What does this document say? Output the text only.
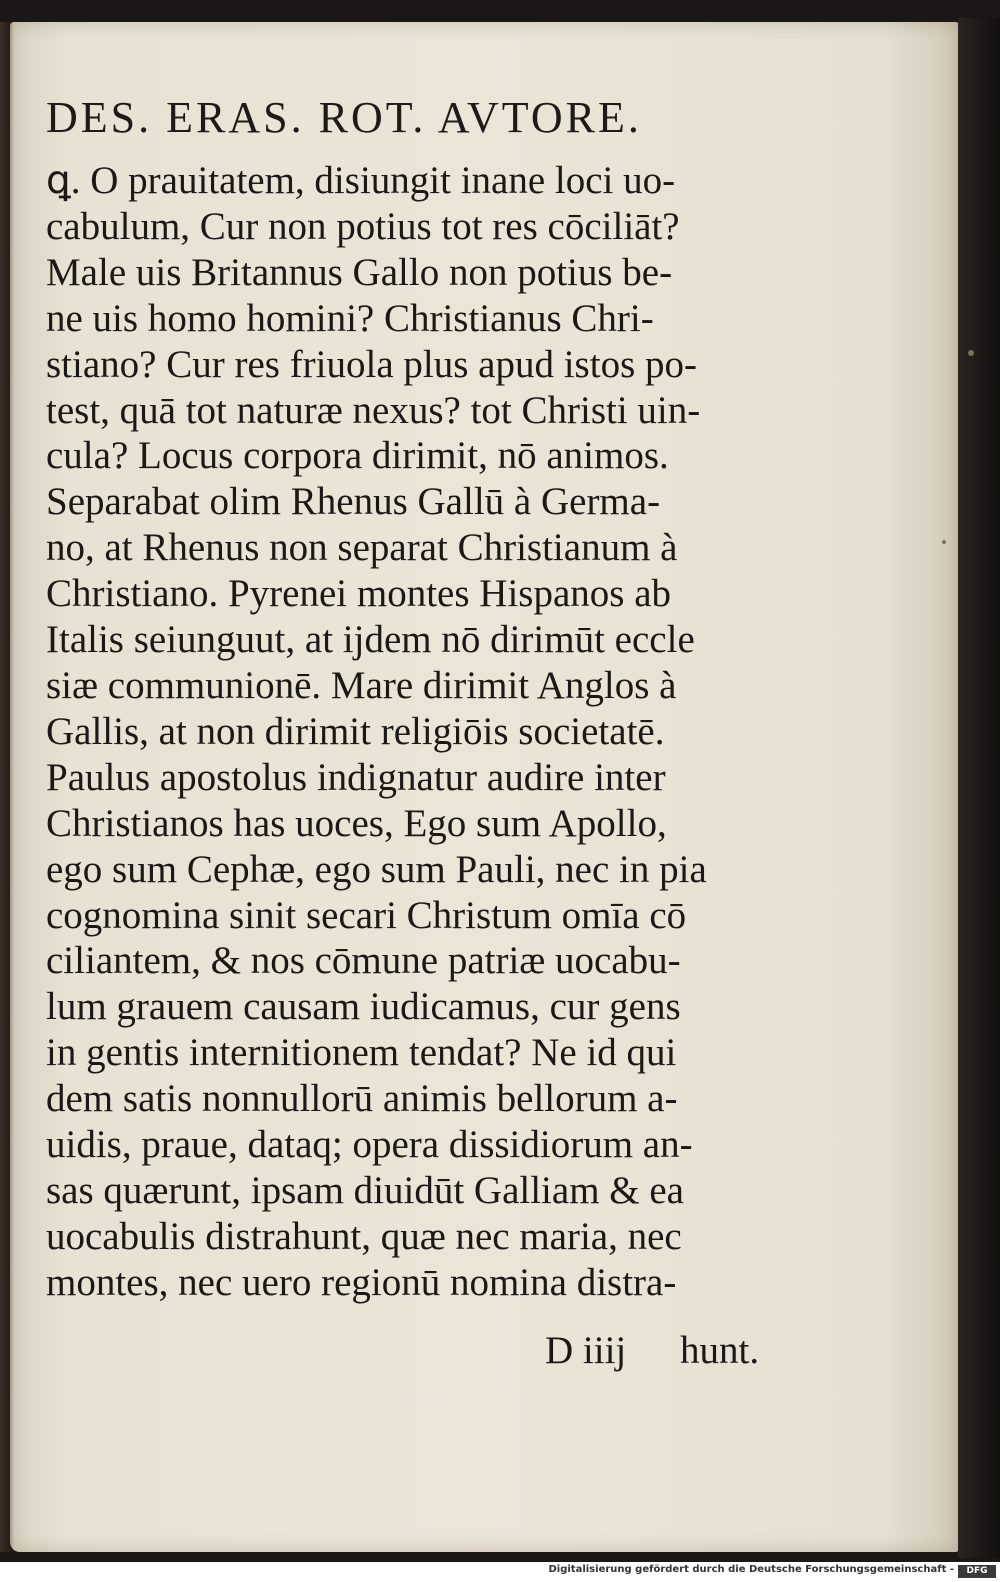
DES. ERAS. ROT. AVTORE.
ꝗ. O prauitatem, disiungit inane loci uo-
cabulum, Cur non potius tot res cōciliāt?
Male uis Britannus Gallo non potius be-
ne uis homo homini? Christianus Chri-
stiano? Cur res friuola plus apud istos po-
test, quā tot naturæ nexus? tot Christi uin-
cula? Locus corpora dirimit, nō animos.
Separabat olim Rhenus Gallū à Germa-
no, at Rhenus non separat Christianum à
Christiano. Pyrenei montes Hispanos ab
Italis seiunguut, at ijdem nō dirimūt eccle
siæ communionē. Mare dirimit Anglos à
Gallis, at non dirimit religiōis societatē.
Paulus apostolus indignatur audire inter
Christianos has uoces, Ego sum Apollo,
ego sum Cephæ, ego sum Pauli, nec in pia
cognomina sinit secari Christum omīa cō
ciliantem, & nos cōmune patriæ uocabu-
lum grauem causam iudicamus, cur gens
in gentis internitionem tendat? Ne id qui
dem satis nonnullorū animis bellorum a-
uidis, praue, dataq; opera dissidiorum an-
sas quærunt, ipsam diuidūt Galliam & ea
uocabulis distrahunt, quæ nec maria, nec
montes, nec uero regionū nomina distra-
D iiij hunt.
Digitalisierung gefördert durch die Deutsche Forschungsgemeinschaft -	DFG
